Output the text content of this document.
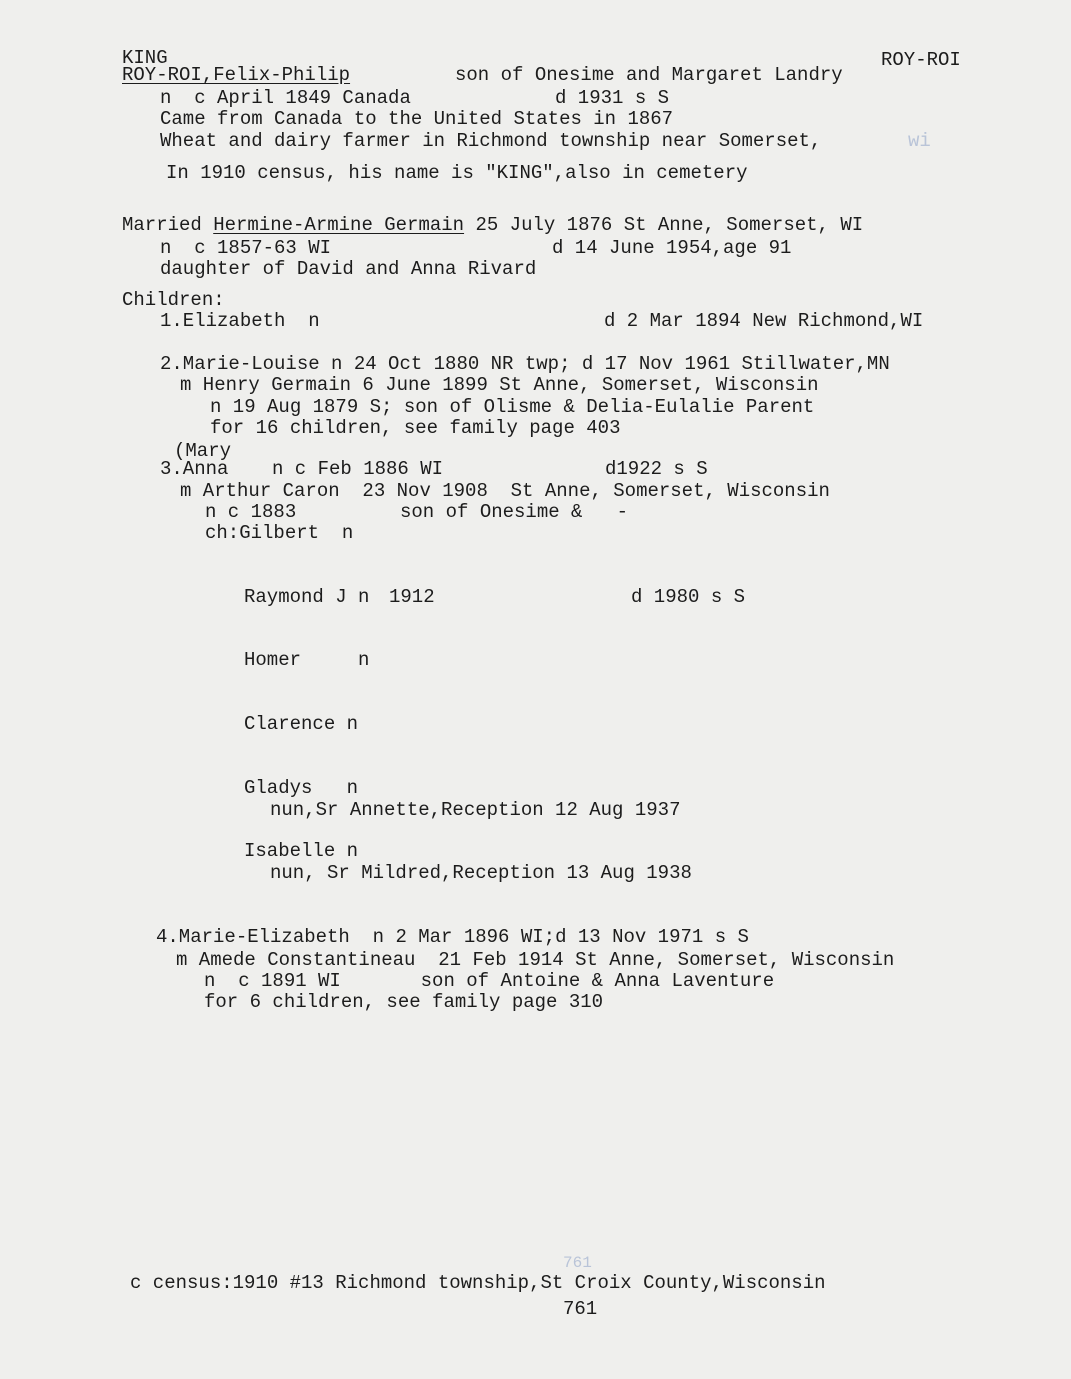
KING	ROY-ROI
ROY-ROI,Felix-Philip	son of Onesime and Margaret Landry
n  c April 1849 Canada	d 1931 s S
Came from Canada to the United States in 1867
Wheat and dairy farmer in Richmond township near Somerset,	wi
In 1910 census, his name is "KING",also in cemetery
Married Hermine-Armine Germain 25 July 1876 St Anne, Somerset, WI
n  c 1857-63 WI	d 14 June 1954,age 91
daughter of David and Anna Rivard
Children:
1.Elizabeth  n	d 2 Mar 1894 New Richmond,WI
2.Marie-Louise n 24 Oct 1880 NR twp; d 17 Nov 1961 Stillwater,MN
m Henry Germain 6 June 1899 St Anne, Somerset, Wisconsin
n 19 Aug 1879 S; son of Olisme & Delia-Eulalie Parent
for 16 children, see family page 403
(Mary
3.Anna n c Feb 1886 WI	d1922 s S
m Arthur Caron  23 Nov 1908  St Anne, Somerset, Wisconsin
n c 1883	son of Onesime &   -
ch:Gilbert  n
Raymond J n 1912	d 1980 s S
Homer	n
Clarence n
Gladys   n
nun,Sr Annette,Reception 12 Aug 1937
Isabelle n
nun, Sr Mildred,Reception 13 Aug 1938
4.Marie-Elizabeth  n 2 Mar 1896 WI;d 13 Nov 1971 s S
m Amede Constantineau  21 Feb 1914 St Anne, Somerset, Wisconsin
n  c 1891 WI       son of Antoine & Anna Laventure
for 6 children, see family page 310
761
c census:1910 #13 Richmond township,St Croix County,Wisconsin
761
